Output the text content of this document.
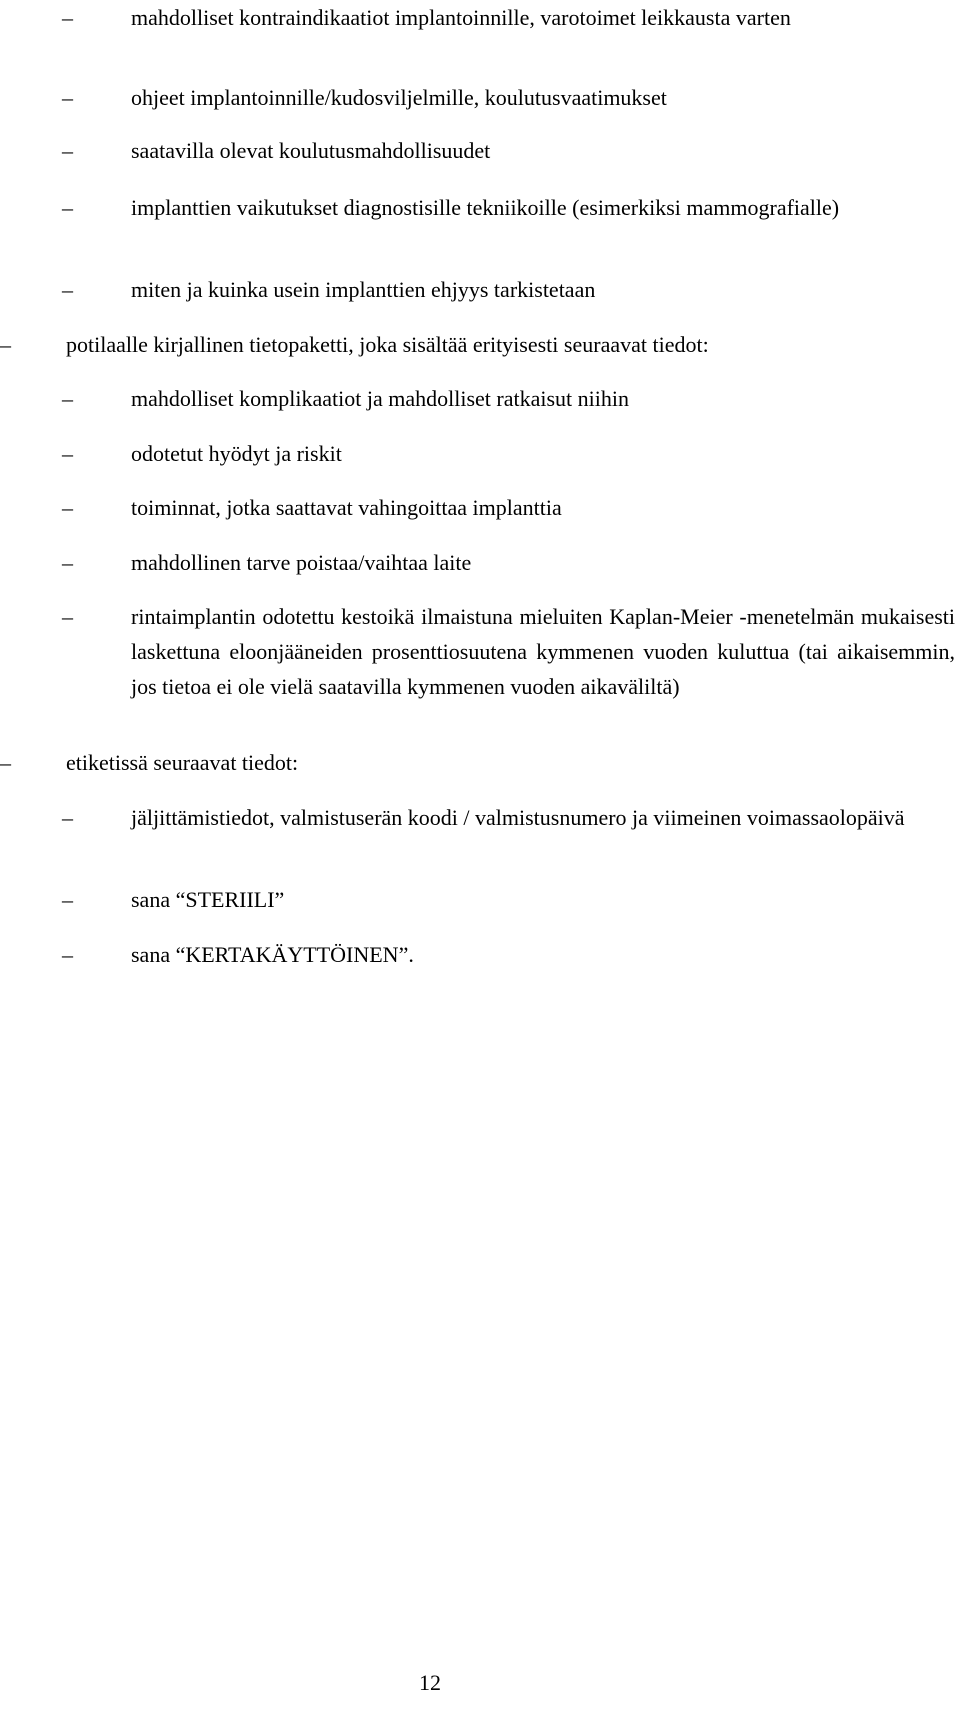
–	mahdolliset kontraindikaatiot implantoinnille, varotoimet leikkausta varten
–	ohjeet implantoinnille/kudosviljelmille, koulutusvaatimukset
–	saatavilla olevat koulutusmahdollisuudet
–	implanttien vaikutukset diagnostisille tekniikoille (esimerkiksi mammografialle)
–	miten ja kuinka usein implanttien ehjyys tarkistetaan
–	potilaalle kirjallinen tietopaketti, joka sisältää erityisesti seuraavat tiedot:
–	mahdolliset komplikaatiot ja mahdolliset ratkaisut niihin
–	odotetut hyödyt ja riskit
–	toiminnat, jotka saattavat vahingoittaa implanttia
–	mahdollinen tarve poistaa/vaihtaa laite
–	rintaimplantin odotettu kestoikä ilmaistuna mieluiten Kaplan-Meier -menetelmän mukaisesti laskettuna eloonjääneiden prosenttiosuutena kymmenen vuoden kuluttua (tai aikaisemmin, jos tietoa ei ole vielä saatavilla kymmenen vuoden aikaväliltä)
–	etiketissä seuraavat tiedot:
–	jäljittämistiedot, valmistuserän koodi / valmistusnumero ja viimeinen voimassaolopäivä
–	sana “STERIILI”
–	sana “KERTAKÄYTTÖINEN”.
12
